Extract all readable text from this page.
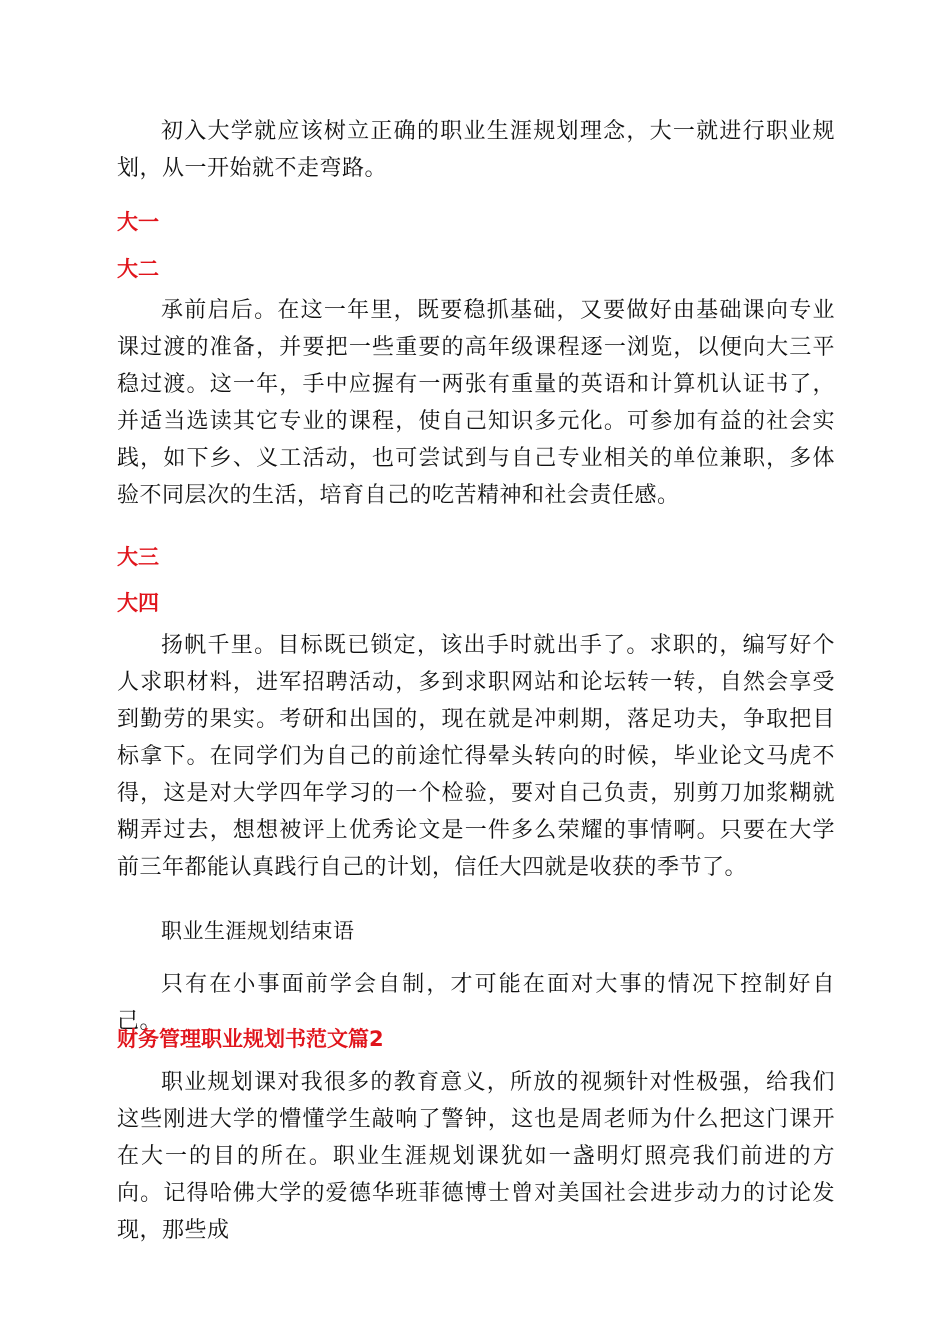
初入大学就应该树立正确的职业生涯规划理念，大一就进行职业规划，从一开始就不走弯路。

大一
大二

承前启后。在这一年里，既要稳抓基础，又要做好由基础课向专业课过渡的准备，并要把一些重要的高年级课程逐一浏览，以便向大三平稳过渡。这一年，手中应握有一两张有重量的英语和计算机认证书了，并适当选读其它专业的课程，使自己知识多元化。可参加有益的社会实践，如下乡、义工活动，也可尝试到与自己专业相关的单位兼职，多体验不同层次的生活，培育自己的吃苦精神和社会责任感。

大三
大四

扬帆千里。目标既已锁定，该出手时就出手了。求职的，编写好个人求职材料，进军招聘活动，多到求职网站和论坛转一转，自然会享受到勤劳的果实。考研和出国的，现在就是冲刺期，落足功夫，争取把目标拿下。在同学们为自己的前途忙得晕头转向的时候，毕业论文马虎不得，这是对大学四年学习的一个检验，要对自己负责，别剪刀加浆糊就糊弄过去，想想被评上优秀论文是一件多么荣耀的事情啊。只要在大学前三年都能认真践行自己的计划，信任大四就是收获的季节了。

职业生涯规划结束语

只有在小事面前学会自制，才可能在面对大事的情况下控制好自己。

财务管理职业规划书范文篇2

职业规划课对我很多的教育意义，所放的视频针对性极强，给我们这些刚进大学的懵懂学生敲响了警钟，这也是周老师为什么把这门课开在大一的目的所在。职业生涯规划课犹如一盏明灯照亮我们前进的方向。记得哈佛大学的爱德华班菲德博士曾对美国社会进步动力的讨论发现，那些成
